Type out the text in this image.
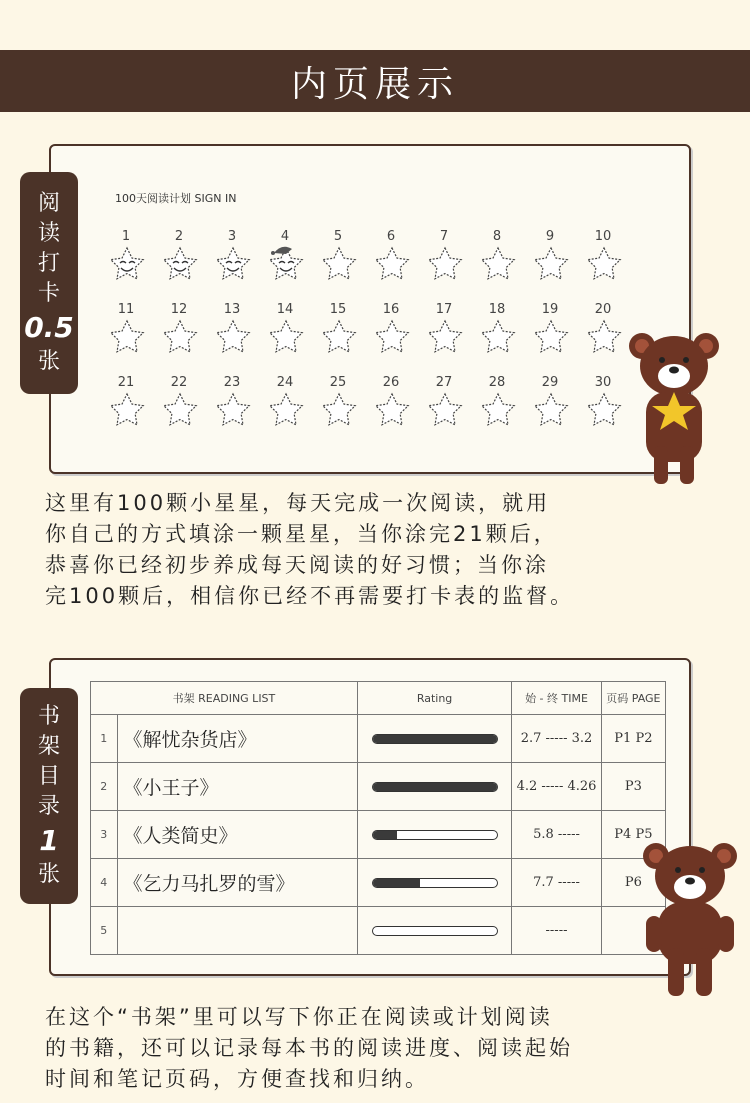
内页展示
阅
读
打
卡
0.5
张
100天阅读计划 SIGN IN
1	2	3	4	5	6	7	8	9	10
11	12	13	14	15	16	17	18	19	20
21	22	23	24	25	26	27	28	29	30
这里有100颗小星星，每天完成一次阅读，就用
你自己的方式填涂一颗星星，当你涂完21颗后，
恭喜你已经初步养成每天阅读的好习惯；当你涂
完100颗后，相信你已经不再需要打卡表的监督。
书
架
目
录
1
张
书架 READING LIST		Rating	始 - 终 TIME	页码 PAGE
1	《解忧杂货店》		2.7 ----- 3.2	P1 P2
2	《小王子》		4.2 ----- 4.26	P3
3	《人类简史》		5.8 -----	P4 P5
4	《乞力马扎罗的雪》		7.7 -----	P6
5			-----	
在这个“书架”里可以写下你正在阅读或计划阅读
的书籍，还可以记录每本书的阅读进度、阅读起始
时间和笔记页码，方便查找和归纳。
